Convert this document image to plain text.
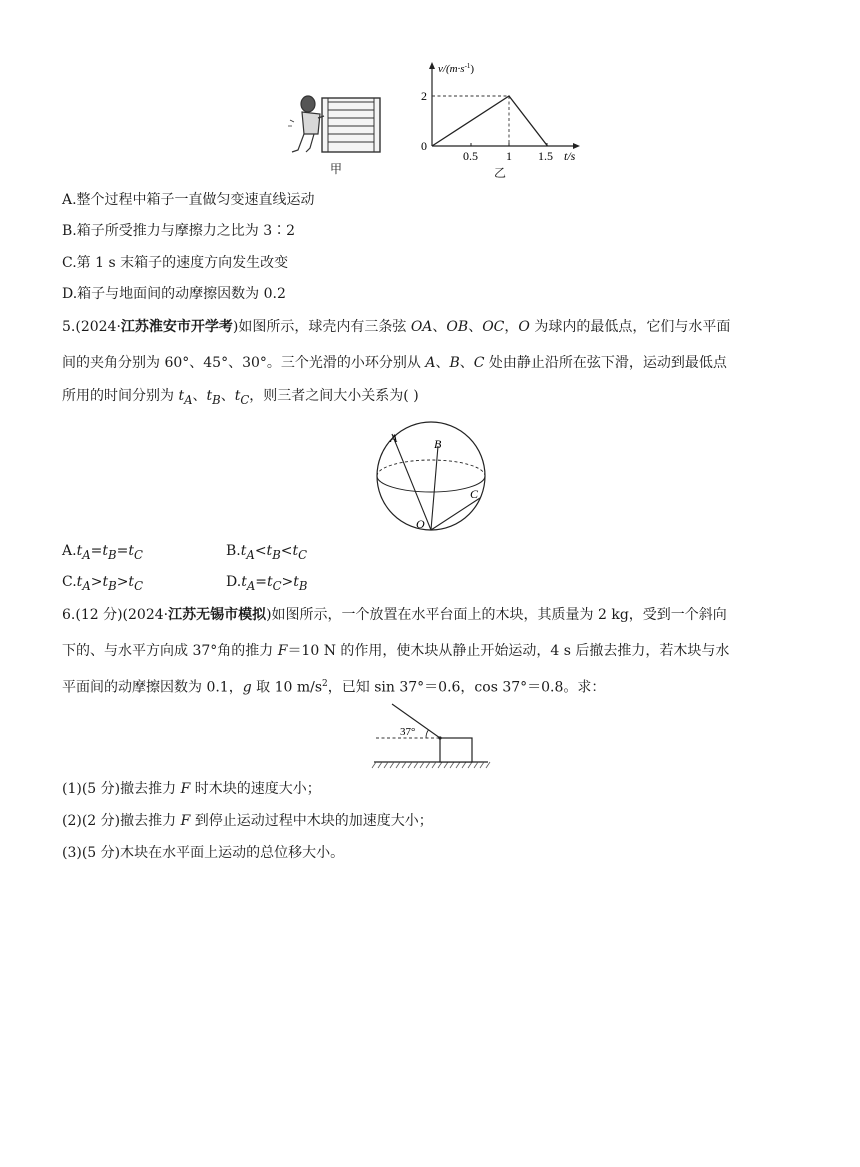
甲
$v/(m\cdot s^{-1})$
2
0
0.5 1 1.5 t/s
乙
A.整个过程中箱子一直做匀变速直线运动
B.箱子所受推力与摩擦力之比为 3∶2
C.第 1 s 末箱子的速度方向发生改变
D.箱子与地面间的动摩擦因数为 0.2
5.(2024·江苏淮安市开学考)如图所示，球壳内有三条弦 OA、OB、OC，O 为球内的最低点，它们与水平面
间的夹角分别为 60°、45°、30°。三个光滑的小环分别从 A、B、C 处由静止沿所在弦下滑，运动到最低点
所用的时间分别为 $t_A$、$t_B$、$t_C$，则三者之间大小关系为( )
A	B
C
O
$A.t_A=t_B=t_C$	$B.t_A<t_B<t_C$
$C.t_A>t_B>t_C$	$D.t_A=t_C>t_B$
6.(12 分)(2024·江苏无锡市模拟)如图所示，一个放置在水平台面上的木块，其质量为 2 kg，受到一个斜向
下的、与水平方向成 37°角的推力 F＝10 N 的作用，使木块从静止开始运动，4 s 后撤去推力，若木块与水
平面间的动摩擦因数为 0.1，g 取 10 $m/s^2$，已知 sin 37°＝0.6，cos 37°＝0.8。求：
37°
(1)(5 分)撤去推力 F 时木块的速度大小；
(2)(2 分)撤去推力 F 到停止运动过程中木块的加速度大小；
(3)(5 分)木块在水平面上运动的总位移大小。
